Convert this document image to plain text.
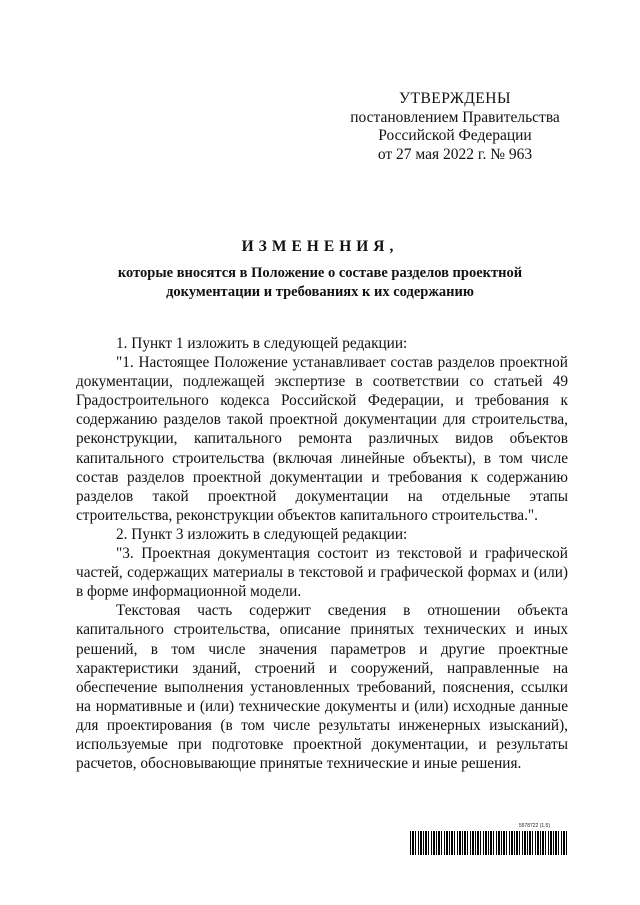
УТВЕРЖДЕНЫ
постановлением Правительства
Российской Федерации
от 27 мая 2022 г. № 963
ИЗМЕНЕНИЯ,
которые вносятся в Положение о составе разделов проектной
документации и требованиях к их содержанию

1. Пункт 1 изложить в следующей редакции:

"1. Настоящее Положение устанавливает состав разделов проектной документации, подлежащей экспертизе в соответствии со статьей 49 Градостроительного кодекса Российской Федерации, и требования к содержанию разделов такой проектной документации для строительства, реконструкции, капитального ремонта различных видов объектов капитального строительства (включая линейные объекты), в том числе состав разделов проектной документации и требования к содержанию разделов такой проектной документации на отдельные этапы строительства, реконструкции объектов капитального строительства.".

2. Пункт 3 изложить в следующей редакции:

"3. Проектная документация состоит из текстовой и графической частей, содержащих материалы в текстовой и графической формах и (или) в форме информационной модели.

Текстовая часть содержит сведения в отношении объекта капитального строительства, описание принятых технических и иных решений, в том числе значения параметров и другие проектные характеристики зданий, строений и сооружений, направленные на обеспечение выполнения установленных требований, пояснения, ссылки на нормативные и (или) технические документы и (или) исходные данные для проектирования (в том числе результаты инженерных изысканий), используемые при подготовке проектной документации, и результаты расчетов, обосновывающие принятые технические и иные решения.

5578722 (1.5)
